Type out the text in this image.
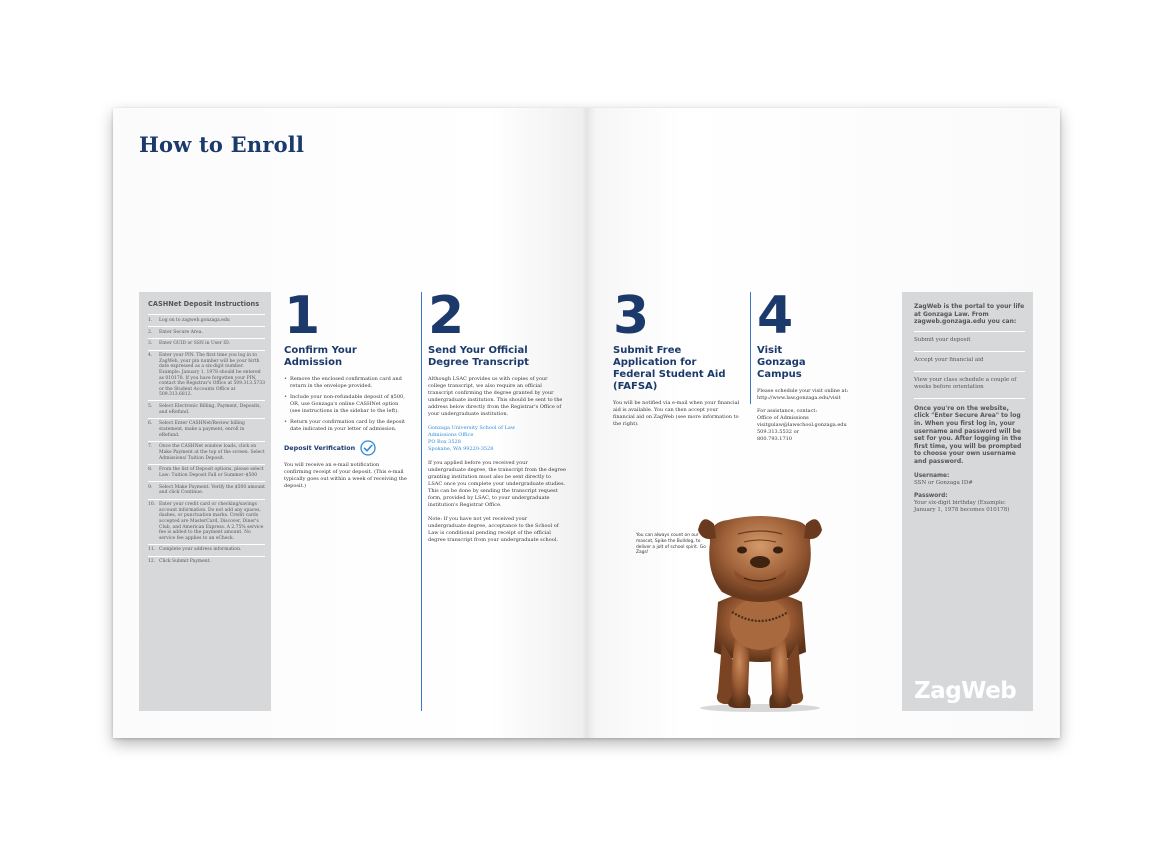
How to Enroll
CASHNet Deposit Instructions
1. Log on to zagweb.gonzaga.edu
2. Enter Secure Area.
3. Enter GUID or SSN in User ID.
4. Enter your PIN. The first time you log in to ZagWeb, your pin number will be your birth date expressed as a six-digit number. Example: January 1, 1978 should be entered as 010178. If you have forgotten your PIN, contact the Registrar's Office at 509.313.5733 or the Student Accounts Office at 509.313.6812.
5. Select Electronic Billing, Payment, Deposits, and eRefund.
6. Select Enter CASHNet/Review billing statement, make a payment, enroll in eRefund.
7. Once the CASHNet window loads, click on Make Payment at the top of the screen. Select Admissions/ Tuition Deposit.
8. From the list of Deposit options, please select Law: Tuition Deposit Fall or Summer–$500
9. Select Make Payment. Verify the $500 amount and click Continue.
10. Enter your credit card or checking/savings account information. Do not add any spaces, dashes, or punctuation marks. Credit cards accepted are MasterCard, Discover, Diner's Club, and American Express. A 2.75% service fee is added to the payment amount. No service fee applies to an eCheck.
11. Complete your address information.
12. Click Submit Payment.
1
Confirm Your Admission
• Remove the enclosed confirmation card and return in the envelope provided.
• Include your non-refundable deposit of $500, OR, use Gonzaga's online CASHNet option (see instructions in the sidebar to the left).
• Return your confirmation card by the deposit date indicated in your letter of admission.
Deposit Verification

You will receive an e-mail notification confirming receipt of your deposit. (This e-mail typically goes out within a week of receiving the deposit.)

2
Send Your Official Degree Transcript

Although LSAC provides us with copies of your college transcript, we also require an official transcript confirming the degree granted by your undergraduate institution. This should be sent to the address below directly from the Registrar's Office of your undergraduate institution.

Gonzaga University School of Law
Admissions Office
PO Box 3528
Spokane, WA 99220-3528

If you applied before you received your undergraduate degree, the transcript from the degree granting institution must also be sent directly to LSAC once you complete your undergraduate studies. This can be done by sending the transcript request form, provided by LSAC, to your undergraduate institution's Registrar Office.

Note: If you have not yet received your undergraduate degree, acceptance to the School of Law is conditional pending receipt of the official degree transcript from your undergraduate school.

3
Submit Free Application for Federal Student Aid (FAFSA)

You will be notified via e-mail when your financial aid is available. You can then accept your financial aid on ZagWeb (see more information to the right).

4
Visit Gonzaga Campus

Please schedule your visit online at: http://www.law.gonzaga.edu/visit

For assistance, contact:

Office of Admissions
visitgulaw@lawschool.gonzaga.edu
509.313.5532 or
800.793.1710

You can always count on our mascot, Spike the Bulldog, to deliver a jolt of school spirit. Go Zags!

ZagWeb is the portal to your life at Gonzaga Law. From zagweb.gonzaga.edu you can:

Submit your deposit
Accept your financial aid
View your class schedule a couple of weeks before orientation

Once you're on the website, click "Enter Secure Area" to log in. When you first log in, your username and password will be set for you. After logging in the first time, you will be prompted to choose your own username and password.

Username:

SSN or Gonzaga ID#

Password:

Your six-digit birthday (Example: January 1, 1978 becomes 010178)

ZagWeb
